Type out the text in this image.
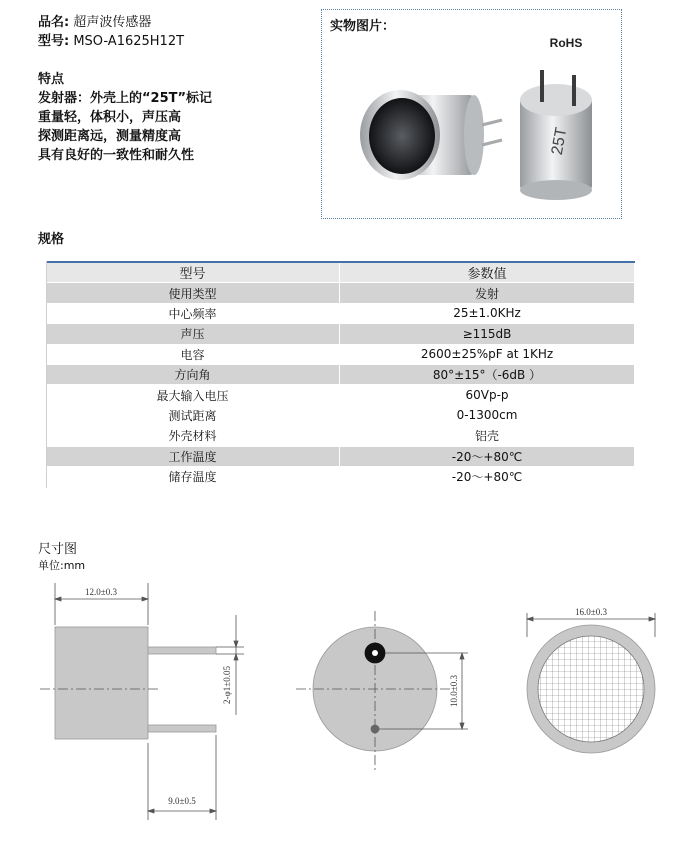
品名: 超声波传感器
型号: MSO-A1625H12T
特点
发射器：外壳上的“25T”标记
重量轻，体积小，声压高
探测距离远，测量精度高
具有良好的一致性和耐久性
实物图片：
RoHS
25T
规格
型号	参数值
使用类型	发射
中心频率	25±1.0KHz
声压	≥115dB
电容	2600±25%pF at 1KHz
方向角	80°±15°（-6dB ）
最大输入电压	60Vp-p
测试距离	0-1300cm
外壳材料	铝壳
工作温度	-20～+80℃
储存温度	-20～+80℃
尺寸图
单位:mm
12.0±0.3
2-φ1±0.05
9.0±0.5
10.0±0.3
16.0±0.3
